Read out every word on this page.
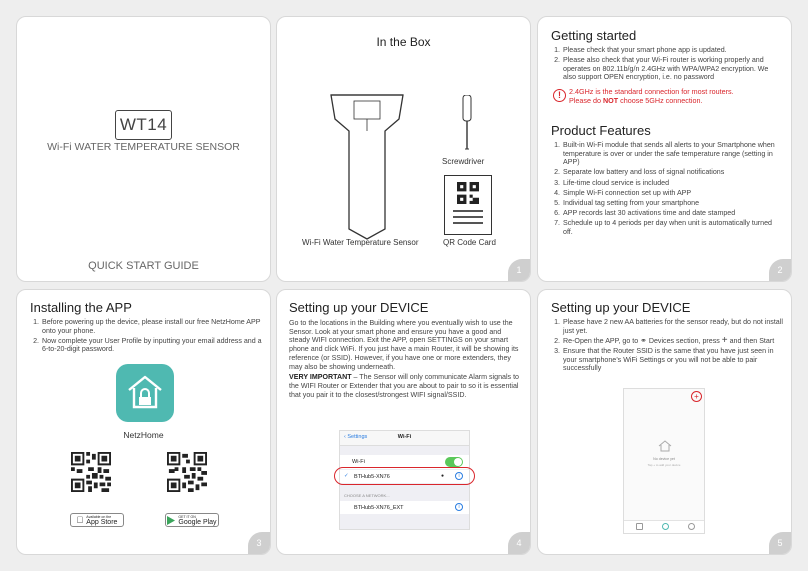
WT14
Wi-Fi WATER TEMPERATURE SENSOR
QUICK START GUIDE
In the Box
Screwdriver
Wi-Fi Water Temperature Sensor	QR Code Card
1
Getting started
1. Please check that your smart phone app is updated.
2. Please also check that your Wi-Fi router is working properly and operates on 802.11b/g/n 2.4GHz with WPA/WPA2 encryption. We also support OPEN encryption, i.e. no password
!	2.4GHz is the standard connection for most routers.
Please do NOT choose 5GHz connection.
Product Features
1. Built-in Wi-Fi module that sends all alerts to your Smartphone when temperature is over or under the safe temperature range (setting in APP)
2. Separate low battery and loss of signal notifications
3. Life-time cloud service is included
4. Simple Wi-Fi connection set up with APP
5. Individual tag setting from your smartphone
6. APP records last 30 activations time and date stamped
7. Schedule up to 4 periods per day when unit is automatically turned off.
2
Installing the APP
1. Before powering up the device, please install our free NetzHome APP onto your phone.
2. Now complete your User Profile by inputting your email address and a 6-to-20-digit password.
NetzHome
Available on the
App Store
GET IT ON
Google Play
3
Setting up your DEVICE

Go to the locations in the Building where you eventually wish to use the Sensor. Look at your smart phone and ensure you have a good and steady WIFI connection. Exit the APP, open SETTINGS on your smart phone and click WiFi. If you just have a main Router, it will be showing its reference (or SSID). However, if you have one or more extenders, they may also be showing underneath.

VERY IMPORTANT – The Sensor will only communicate Alarm signals to the WIFI Router or Extender that you are about to pair to so it is essential that you pair it to the closest/strongest WIFI signal/SSID.

‹ Settings	Wi-Fi
Wi-Fi
✓ BTHub5-XN76	●	i
CHOOSE A NETWORK...
BTHub5-XN76_EXT	i
4
Setting up your DEVICE
1. Please have 2 new AA batteries for the sensor ready, but do not install just yet.
2. Re-Open the APP, go to ⚭ Devices section, press + and then Start
3. Ensure that the Router SSID is the same that you have just seen in your smartphone’s WiFi Settings or you will not be able to pair successfully
+
No device yet
Tap + to add your device
5
